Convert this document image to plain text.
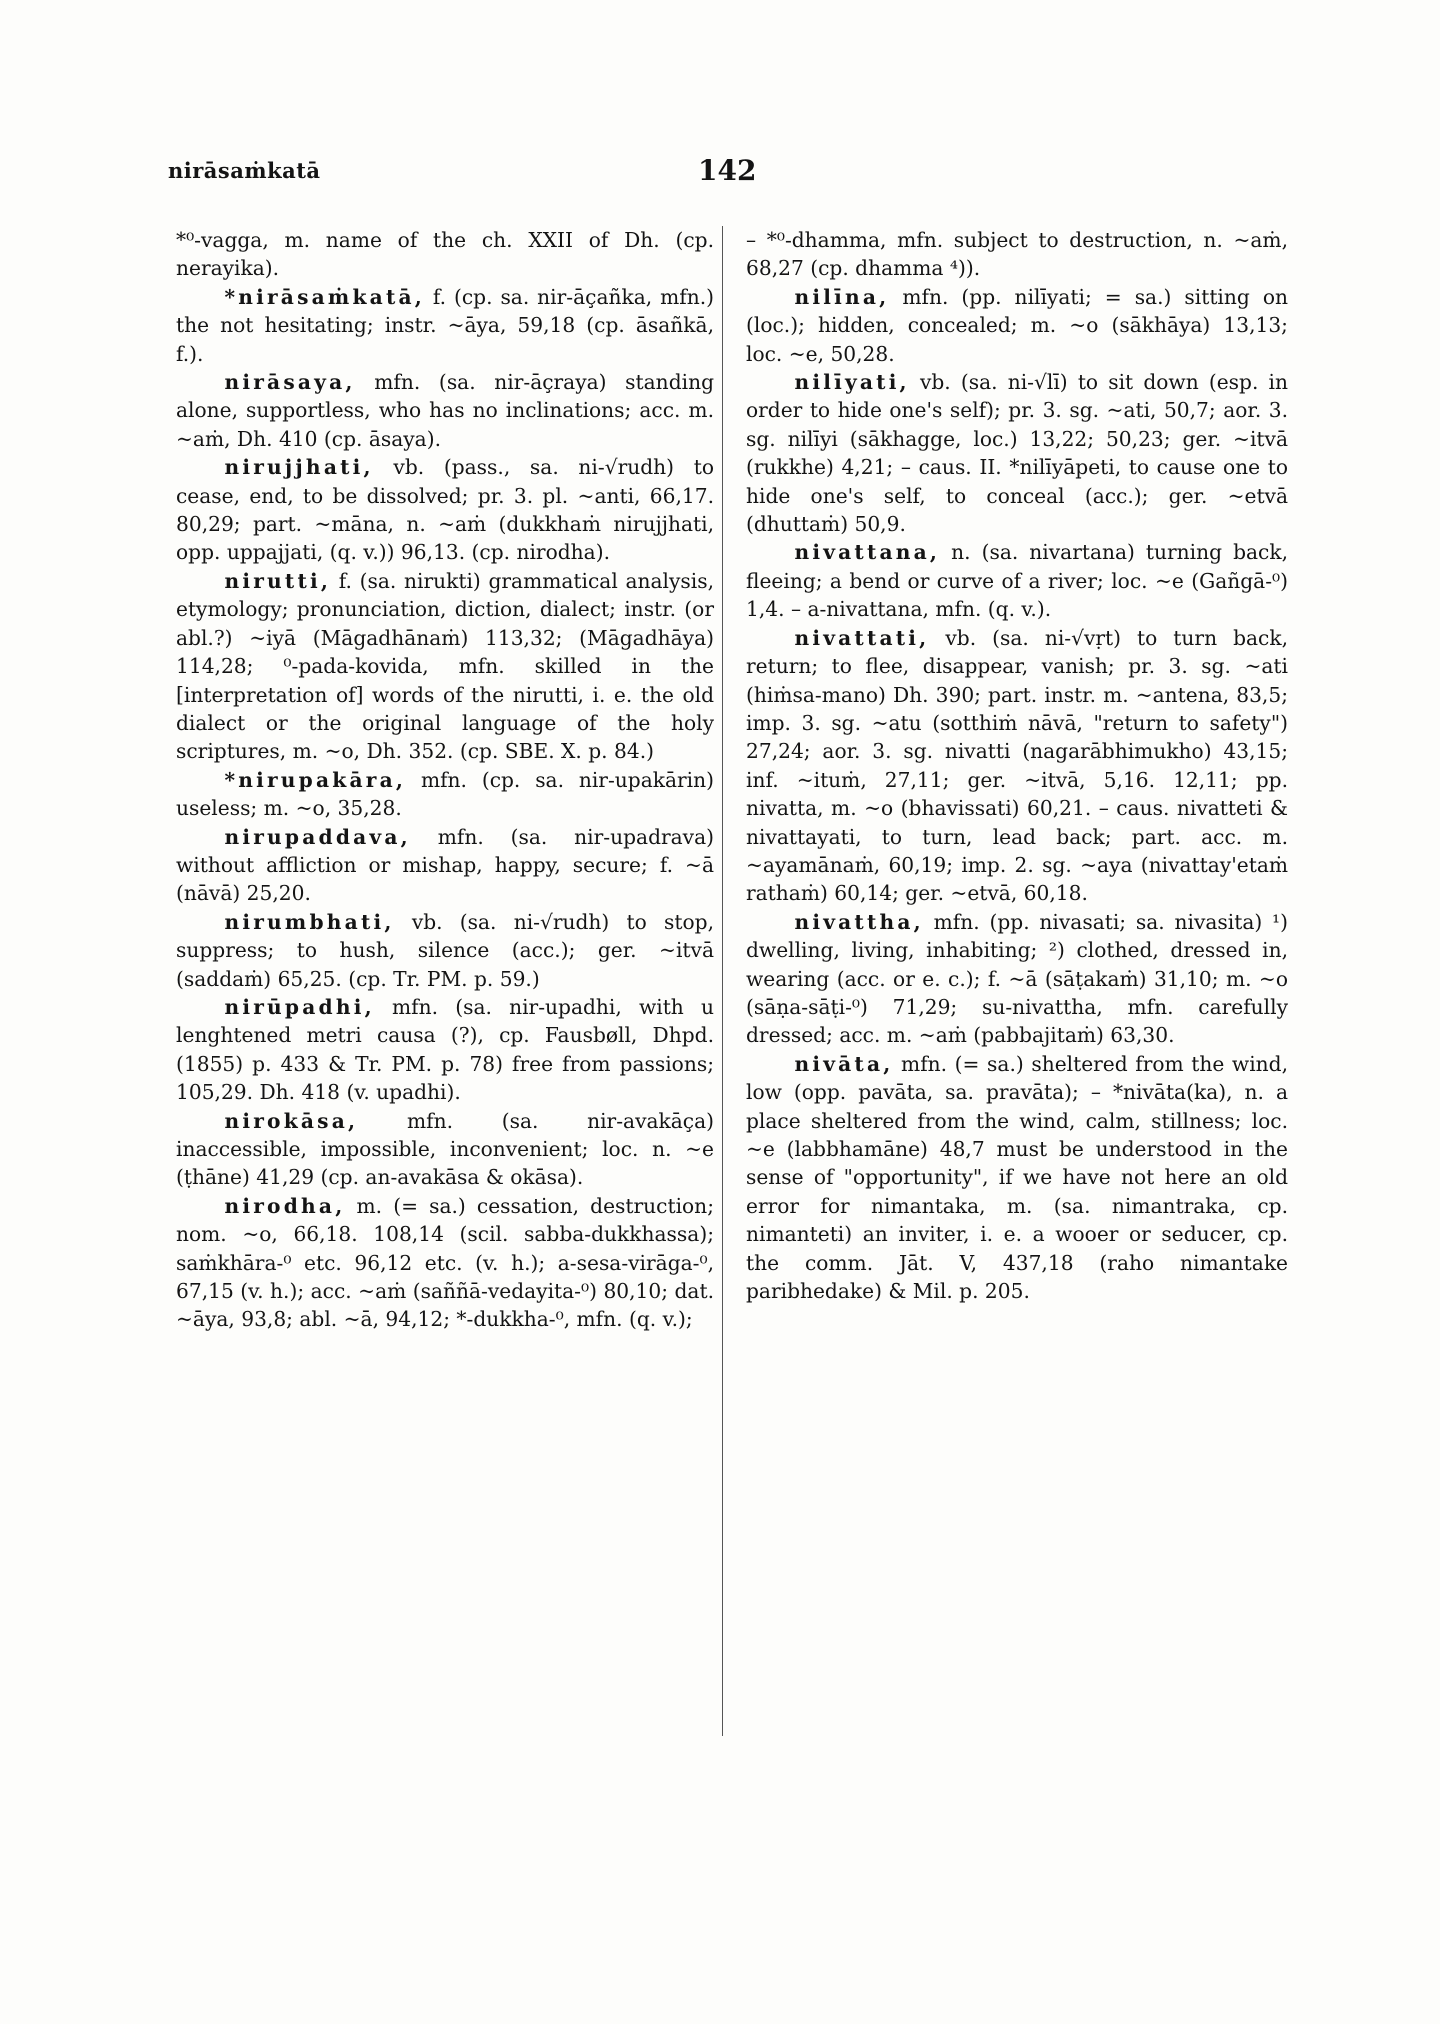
nirāsaṁkatā	142

*⁰-vagga, m. name of the ch. XXII of Dh. (cp. nerayika).

*nirāsaṁkatā, f. (cp. sa. nir-āçañka, mfn.) the not hesitating; instr. ~āya, 59,18 (cp. āsañkā, f.).

nirāsaya, mfn. (sa. nir-āçraya) standing alone, supportless, who has no inclinations; acc. m. ~aṁ, Dh. 410 (cp. āsaya).

nirujjhati, vb. (pass., sa. ni-√rudh) to cease, end, to be dissolved; pr. 3. pl. ~anti, 66,17. 80,29; part. ~māna, n. ~aṁ (dukkhaṁ nirujjhati, opp. uppajjati, (q. v.)) 96,13. (cp. nirodha).

nirutti, f. (sa. nirukti) grammatical analysis, etymology; pronunciation, diction, dialect; instr. (or abl.?) ~iyā (Māgadhānaṁ) 113,32; (Māgadhāya) 114,28; ⁰-pada-kovida, mfn. skilled in the [interpretation of] words of the nirutti, i. e. the old dialect or the original language of the holy scriptures, m. ~o, Dh. 352. (cp. SBE. X. p. 84.)

*nirupakāra, mfn. (cp. sa. nir-upakārin) useless; m. ~o, 35,28.

nirupaddava, mfn. (sa. nir-upadrava) without affliction or mishap, happy, secure; f. ~ā (nāvā) 25,20.

nirumbhati, vb. (sa. ni-√rudh) to stop, suppress; to hush, silence (acc.); ger. ~itvā (saddaṁ) 65,25. (cp. Tr. PM. p. 59.)

nirūpadhi, mfn. (sa. nir-upadhi, with u lenghtened metri causa (?), cp. Fausbøll, Dhpd. (1855) p. 433 & Tr. PM. p. 78) free from passions; 105,29. Dh. 418 (v. upadhi).

nirokāsa, mfn. (sa. nir-avakāça) inaccessible, impossible, inconvenient; loc. n. ~e (ṭhāne) 41,29 (cp. an-avakāsa & okāsa).

nirodha, m. (= sa.) cessation, destruction; nom. ~o, 66,18. 108,14 (scil. sabba-dukkhassa); saṁkhāra-⁰ etc. 96,12 etc. (v. h.); a-sesa-virāga-⁰, 67,15 (v. h.); acc. ~aṁ (saññā-vedayita-⁰) 80,10; dat. ~āya, 93,8; abl. ~ā, 94,12; *-dukkha-⁰, mfn. (q. v.);

– *⁰-dhamma, mfn. subject to destruction, n. ~aṁ, 68,27 (cp. dhamma ⁴)).

nilīna, mfn. (pp. nilīyati; = sa.) sitting on (loc.); hidden, concealed; m. ~o (sākhāya) 13,13; loc. ~e, 50,28.

nilīyati, vb. (sa. ni-√lī) to sit down (esp. in order to hide one's self); pr. 3. sg. ~ati, 50,7; aor. 3. sg. nilīyi (sākhagge, loc.) 13,22; 50,23; ger. ~itvā (rukkhe) 4,21; – caus. II. *nilīyāpeti, to cause one to hide one's self, to conceal (acc.); ger. ~etvā (dhuttaṁ) 50,9.

nivattana, n. (sa. nivartana) turning back, fleeing; a bend or curve of a river; loc. ~e (Gañgā-⁰) 1,4. – a-nivattana, mfn. (q. v.).

nivattati, vb. (sa. ni-√vṛt) to turn back, return; to flee, disappear, vanish; pr. 3. sg. ~ati (hiṁsa-mano) Dh. 390; part. instr. m. ~antena, 83,5; imp. 3. sg. ~atu (sotthiṁ nāvā, "return to safety") 27,24; aor. 3. sg. nivatti (nagarābhimukho) 43,15; inf. ~ituṁ, 27,11; ger. ~itvā, 5,16. 12,11; pp. nivatta, m. ~o (bhavissati) 60,21. – caus. nivatteti & nivattayati, to turn, lead back; part. acc. m. ~ayamānaṁ, 60,19; imp. 2. sg. ~aya (nivattay'etaṁ rathaṁ) 60,14; ger. ~etvā, 60,18.

nivattha, mfn. (pp. nivasati; sa. nivasita) ¹) dwelling, living, inhabiting; ²) clothed, dressed in, wearing (acc. or e. c.); f. ~ā (sāṭakaṁ) 31,10; m. ~o (sāṇa-sāṭi-⁰) 71,29; su-nivattha, mfn. carefully dressed; acc. m. ~aṁ (pabbajitaṁ) 63,30.

nivāta, mfn. (= sa.) sheltered from the wind, low (opp. pavāta, sa. pravāta); – *nivāta(ka), n. a place sheltered from the wind, calm, stillness; loc. ~e (labbhamāne) 48,7 must be understood in the sense of "opportunity", if we have not here an old error for nimantaka, m. (sa. nimantraka, cp. nimanteti) an inviter, i. e. a wooer or seducer, cp. the comm. Jāt. V, 437,18 (raho nimantake paribhedake) & Mil. p. 205.
